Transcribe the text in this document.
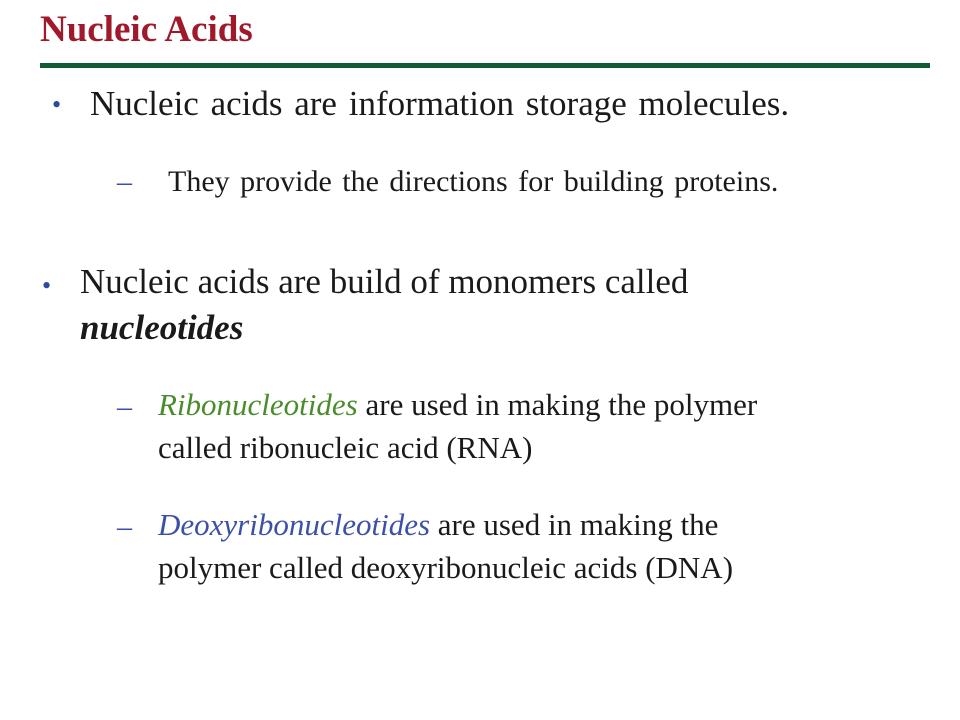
Nucleic Acids
• Nucleic acids are information storage molecules.
– They provide the directions for building proteins.
• Nucleic acids are build of monomers called
nucleotides
– Ribonucleotides are used in making the polymer
called ribonucleic acid (RNA)
– Deoxyribonucleotides are used in making the
polymer called deoxyribonucleic acids (DNA)
